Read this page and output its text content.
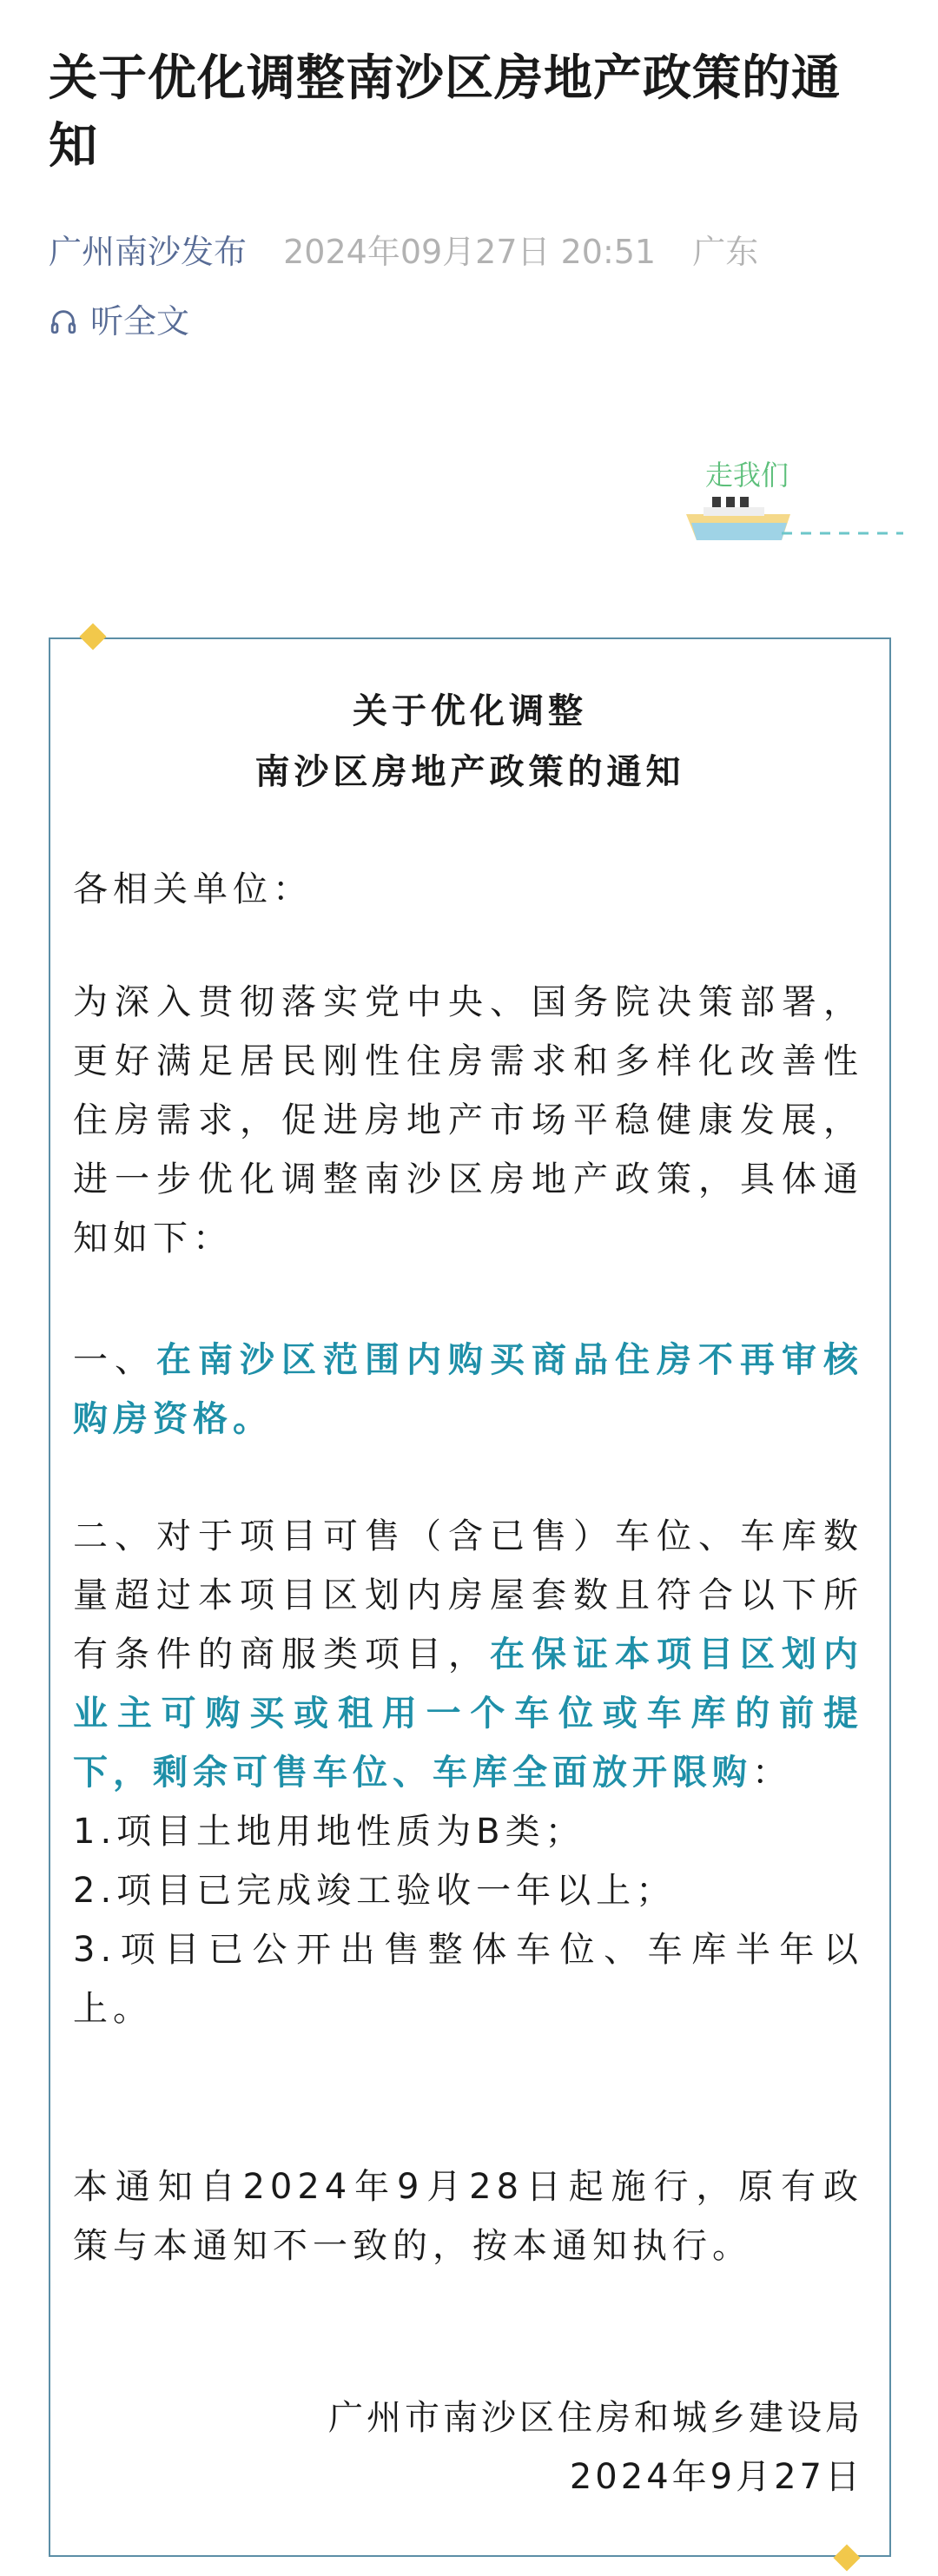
关于优化调整南沙区房地产政策的通知
广州南沙发布 2024年09月27日 20:51 广东
听全文
走我们
关于优化调整
南沙区房地产政策的通知
各相关单位：
为深入贯彻落实党中央、国务院决策部署，更好满足居民刚性住房需求和多样化改善性住房需求，促进房地产市场平稳健康发展，进一步优化调整南沙区房地产政策，具体通知如下：
一、在南沙区范围内购买商品住房不再审核购房资格。
二、对于项目可售（含已售）车位、车库数量超过本项目区划内房屋套数且符合以下所有条件的商服类项目，在保证本项目区划内业主可购买或租用一个车位或车库的前提下，剩余可售车位、车库全面放开限购：
1.项目土地用地性质为B类；
2.项目已完成竣工验收一年以上；
3.项目已公开出售整体车位、车库半年以上。
本通知自2024年9月28日起施行，原有政策与本通知不一致的，按本通知执行。
广州市南沙区住房和城乡建设局
2024年9月27日
